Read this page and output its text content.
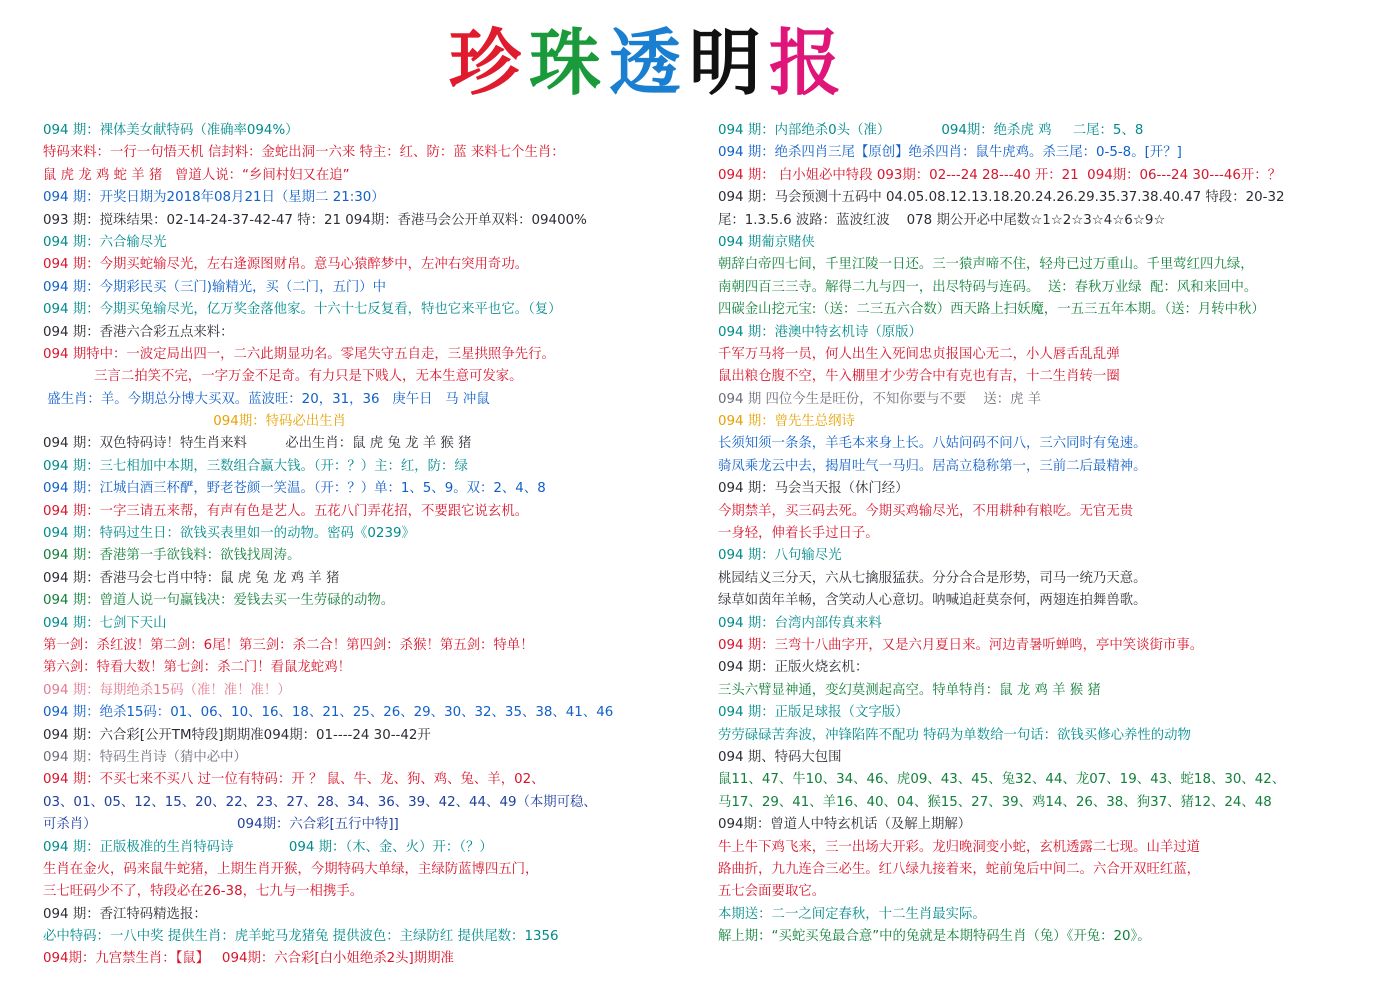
珍 珠 透 明 报
094 期：裸体美女献特码（准确率094%）
特码来料：一行一句悟天机 信封料：金蛇出洞一六来 特主：红、防：蓝 来料七个生肖：
鼠 虎 龙 鸡 蛇 羊 猪   曾道人说：“乡间村妇又在追”
094 期：开奖日期为2018年08月21日（星期二 21:30）
093 期：搅珠结果：02-14-24-37-42-47 特：21 094期：香港马会公开单双料：09400%
094 期：六合输尽光
094 期：今期买蛇输尽光，左右逢源图财帛。意马心猿醉梦中，左冲右突用奇功。
094 期：今期彩民买（三门)输精光，买（二门，五门）中
094 期：今期买兔输尽光，亿万奖金落他家。十六十七反复看，特也它来平也它。（复）
094 期：香港六合彩五点来料：
094 期特中：一波定局出四一，二六此期显功名。零尾失守五自走，三星拱照争先行。
三言二拍笑不完，一字万金不足奇。有力只是下贱人，无本生意可发家。
盛生肖：羊。今期总分博大买双。蓝波旺：20，31，36   庚午日   马 冲鼠
094期：特码必出生肖
094 期：双色特码诗！特生肖来料         必出生肖：鼠 虎 兔 龙 羊 猴 猪
094 期：三七相加中本期，三数组合赢大钱。（开：？）主：红，防：绿
094 期：江城白酒三杯酽，野老苍颜一笑温。（开：？）单：1、5、9。双：2、4、8
094 期：一字三请五来帮，有声有色是艺人。五花八门弄花招，不要跟它说玄机。
094 期：特码过生日：欲钱买表里如一的动物。密码《0239》
094 期：香港第一手欲钱料：欲钱找周涛。
094 期：香港马会七肖中特：鼠 虎 兔 龙 鸡 羊 猪
094 期：曾道人说一句赢钱决：爱钱去买一生劳碌的动物。
094 期：七剑下天山
第一剑：杀红波！第二剑：6尾！第三剑：杀二合！第四剑：杀猴！第五剑：特单！
第六剑：特看大数！第七剑：杀二门！看鼠龙蛇鸡！
094 期：每期绝杀15码（准！准！准！）
094 期：绝杀15码：01、06、10、16、18、21、25、26、29、30、32、35、38、41、46
094 期：六合彩[公开TM特段]期期准094期：01----24 30--42开
094 期：特码生肖诗（猜中必中）
094 期：不买七来不买八 过一位有特码：开 ？ 鼠、牛、龙、狗、鸡、兔、羊，02、
03、01、05、12、15、20、22、23、27、28、34、36、39、42、44、49（本期可稳、
可杀肖）                                 094期：六合彩[五行中特]]
094 期：正版极准的生肖特码诗             094 期：（木、金、火）开：（？）
生肖在金火，码来鼠牛蛇猪，上期生肖开猴，今期特码大单绿，主绿防蓝博四五门，
三七旺码少不了，特段必在26-38，七九与一相携手。
094 期：香江特码精选报：
必中特码：一八中奖 提供生肖：虎羊蛇马龙猪兔 提供波色：主绿防红 提供尾数：1356
094期：九宫禁生肖：【鼠】   094期：六合彩[白小姐绝杀2头]期期准
094 期：内部绝杀0头（准）            094期：绝杀虎 鸡     二尾：5、8
094 期：绝杀四肖三尾【原创】绝杀四肖：鼠牛虎鸡。杀三尾：0-5-8。[开？]
094 期： 白小姐必中特段 093期：02---24 28---40 开：21  094期：06---24 30---46开：？
094 期：马会预测十五码中 04.05.08.12.13.18.20.24.26.29.35.37.38.40.47 特段：20-32
尾：1.3.5.6 波路：蓝波红波    078 期公开必中尾数☆1☆2☆3☆4☆6☆9☆
094 期葡京赌侠
朝辞白帝四七间，千里江陵一日还。三一猿声啼不住，轻舟已过万重山。千里莺红四九绿，
南朝四百三三寺。解得二九与四一，出尽特码与连码。  送：春秋万业绿  配：风和来回中。
四碳金山挖元宝:（送：二三五六合数）西天路上扫妖魔，一五三五年本期。（送：月转中秋）
094 期：港澳中特玄机诗（原版）
千军万马将一员，何人出生入死间忠贞报国心无二，小人唇舌乱乱弹
鼠出粮仓腹不空，牛入棚里才少劳合中有克也有吉，十二生肖转一圈
094 期 四位今生是旺份，不知你要与不要    送：虎 羊
094 期：曾先生总纲诗
长须知须一条条，羊毛本来身上长。八姑问码不问八，三六同时有兔速。
骑凤乘龙云中去，揭眉吐气一马归。居高立稳称第一，三前二后最精神。
094 期：马会当天报（休门经）
今期禁羊，买三码去死。今期买鸡输尽光，不用耕种有粮吃。无官无贵
一身轻，伸着长手过日子。
094 期：八句输尽光
桃园结义三分天，六从七擒服猛获。分分合合是形势，司马一统乃天意。
绿草如茵年羊畅，含笑动人心意切。呐喊追赶莫奈何，两翅连拍舞兽歌。
094 期：台湾内部传真来料
094 期：三弯十八曲字开，又是六月夏日来。河边青暑听蝉鸣，亭中笑谈街市事。
094 期：正版火烧玄机：
三头六臂显神通，变幻莫测起高空。特单特肖：鼠 龙 鸡 羊 猴 猪
094 期：正版足球报（文字版）
劳劳碌碌苦奔波，冲锋陷阵不配功 特码为单数给一句话：欲钱买修心养性的动物
094 期、特码大包围
鼠11、47、牛10、34、46、虎09、43、45、兔32、44、龙07、19、43、蛇18、30、42、
马17、29、41、羊16、40、04、猴15、27、39、鸡14、26、38、狗37、猪12、24、48
094期：曾道人中特玄机话（及解上期解）
牛上牛下鸡飞来，三一出场大开彩。龙归晚洞变小蛇，玄机透露二七现。山羊过道
路曲折，九九连合三必生。红八绿九接着来，蛇前兔后中间二。六合开双旺红蓝，
五七会面要取它。
本期送：二一之间定春秋，十二生肖最实际。
解上期：“买蛇买兔最合意”中的兔就是本期特码生肖（兔）《开兔：20》。
